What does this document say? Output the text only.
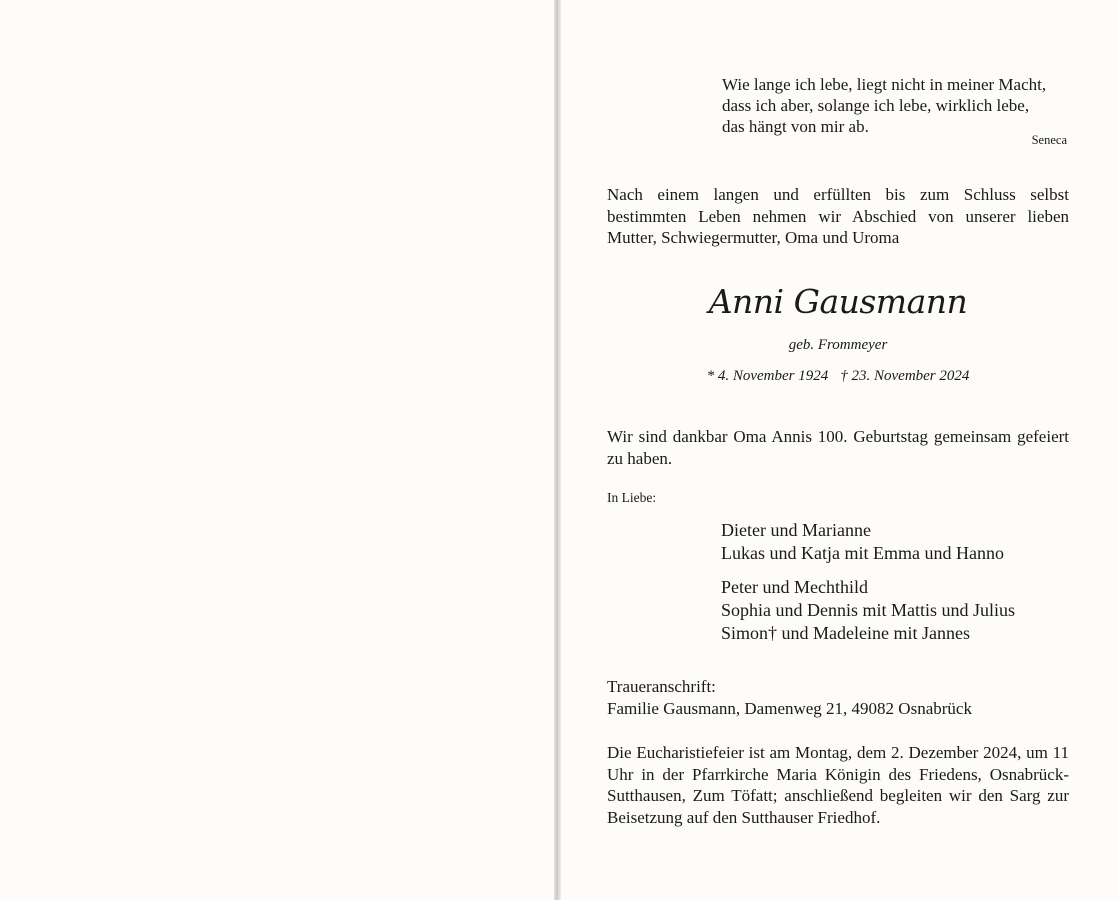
Wie lange ich lebe, liegt nicht in meiner Macht,
dass ich aber, solange ich lebe, wirklich lebe,
das hängt von mir ab.
Seneca
Nach einem langen und erfüllten bis zum Schluss selbst bestimmten Leben nehmen wir Abschied von unserer lieben Mutter, Schwiegermutter, Oma und Uroma
Anni Gausmann
geb. Frommeyer
* 4. November 1924 † 23. November 2024
Wir sind dankbar Oma Annis 100. Geburtstag gemeinsam gefeiert zu haben.
In Liebe:
Dieter und Marianne
Lukas und Katja mit Emma und Hanno
Peter und Mechthild
Sophia und Dennis mit Mattis und Julius
Simon† und Madeleine mit Jannes
Traueranschrift:
Familie Gausmann, Damenweg 21, 49082 Osnabrück
Die Eucharistiefeier ist am Montag, dem 2. Dezember 2024, um 11 Uhr in der Pfarrkirche Maria Königin des Friedens, Osnabrück-Sutthausen, Zum Töfatt; anschließend begleiten wir den Sarg zur Beisetzung auf den Sutthauser Friedhof.
